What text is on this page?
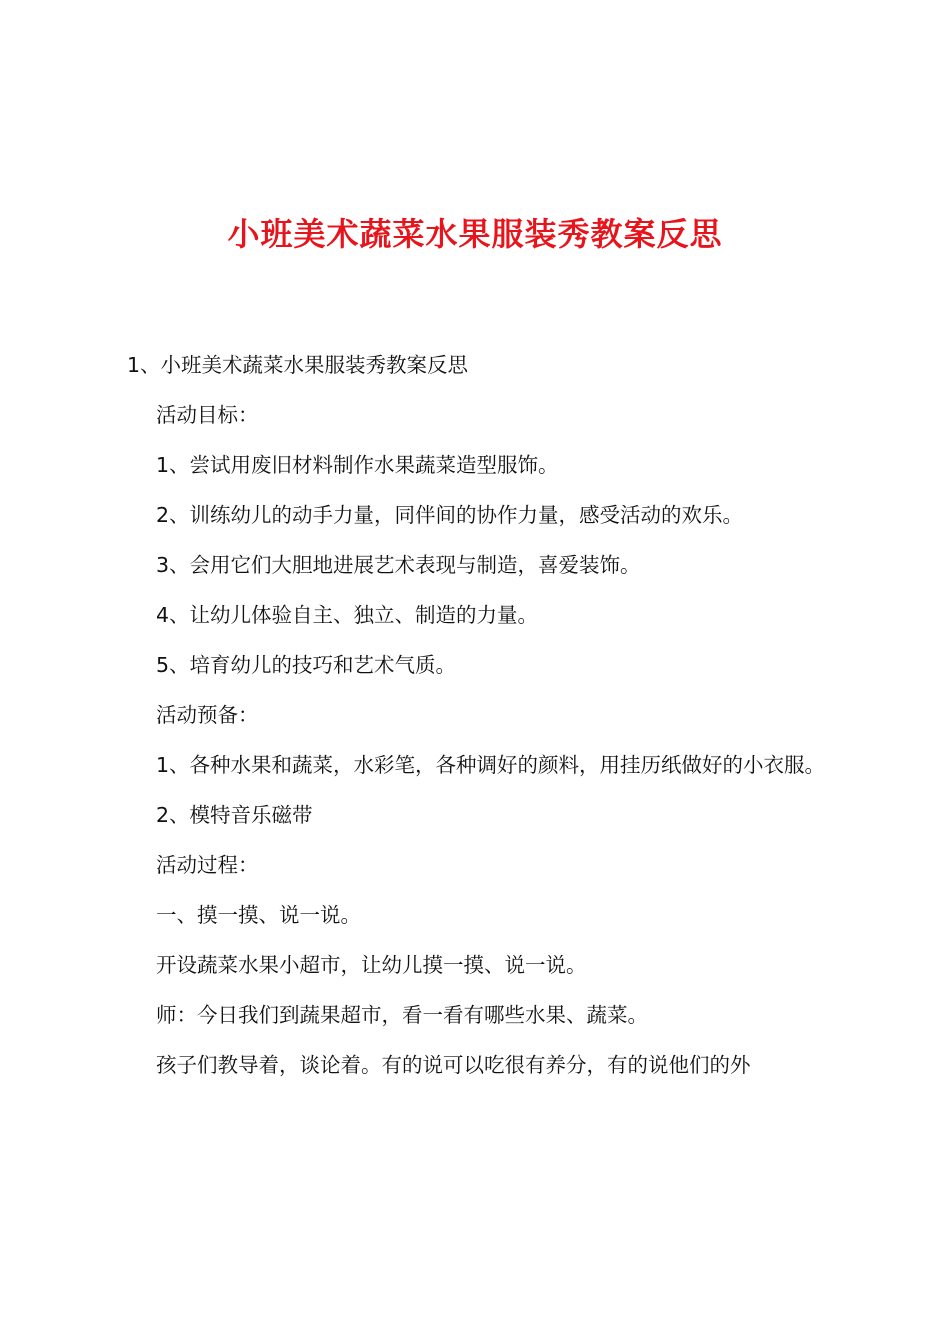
小班美术蔬菜水果服装秀教案反思
1、小班美术蔬菜水果服装秀教案反思
活动目标：
1、尝试用废旧材料制作水果蔬菜造型服饰。
2、训练幼儿的动手力量，同伴间的协作力量，感受活动的欢乐。
3、会用它们大胆地进展艺术表现与制造，喜爱装饰。
4、让幼儿体验自主、独立、制造的力量。
5、培育幼儿的技巧和艺术气质。
活动预备：
1、各种水果和蔬菜，水彩笔，各种调好的颜料，用挂历纸做好的小衣服。
2、模特音乐磁带
活动过程：
一、摸一摸、说一说。
开设蔬菜水果小超市，让幼儿摸一摸、说一说。
师：今日我们到蔬果超市，看一看有哪些水果、蔬菜。
孩子们教导着，谈论着。有的说可以吃很有养分，有的说他们的外
